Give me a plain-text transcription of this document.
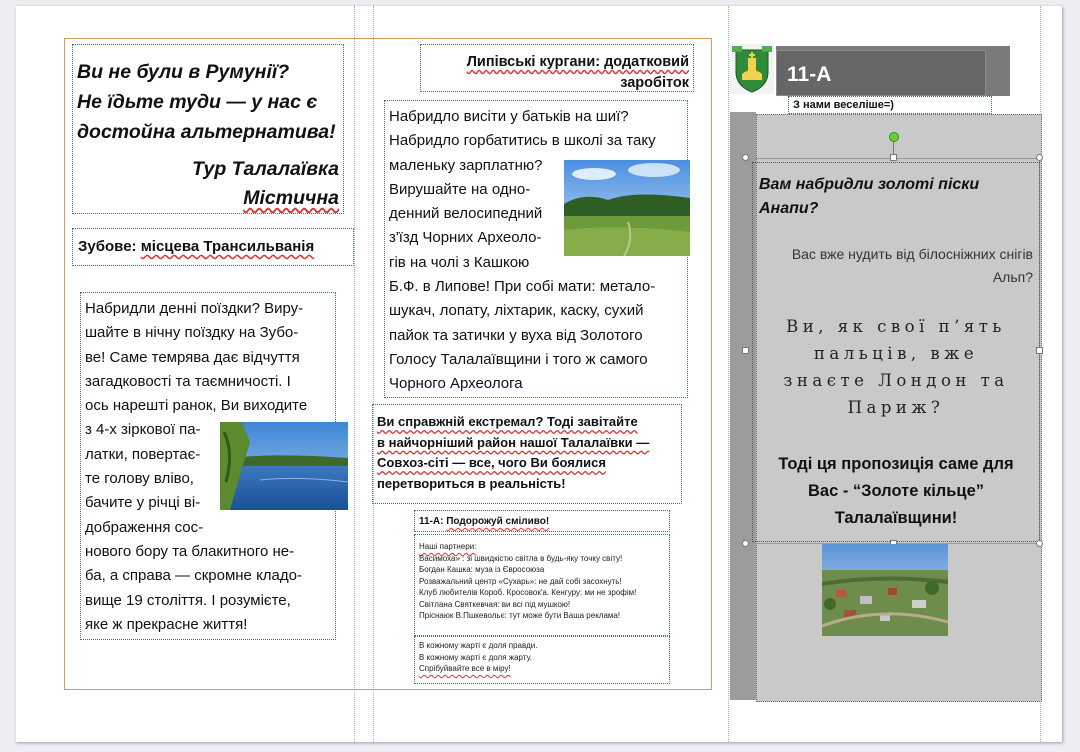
Ви не були в Румунії?
Не їдьте туди — у нас є
достойна альтернатива!
Тур Талалаївка
Містична
Зубове: місцева Трансильванія
Набридли денні поїздки? Виру-
шайте в нічну поїздку на Зубо-
ве! Саме темрява дає відчуття
загадковості та таємничості. І
ось нарешті ранок, Ви виходите
з 4-х зіркової па-
латки, повертає-
те голову вліво,
бачите у річці ві-
дображення сос-
нового бору та блакитного не-
ба, а справа — скромне кладо-
вище 19 століття. І розумієте,
яке ж прекрасне життя!
Липівські кургани: додатковий
заробіток
Набридло висіти у батьків на шиї?
Набридло горбатитись в школі за таку
маленьку зарплатню?
Вирушайте на одно-
денний велосипедний
з'їзд Чорних Археоло-
гів на чолі з Кашкою
Б.Ф. в Липове! При собі мати: метало-
шукач, лопату, ліхтарик, каску, сухий
пайок та затички у вуха від Золотого
Голосу Талалаївщини і того ж самого
Чорного Археолога
Ви справжній екстремал? Тоді завітайте
в найчорніший район нашої Талалаївки —
Совхоз-сіті — все, чого Ви боялися
перетвориться в реальність!
11-А: Подорожуй сміливо!
Наші партнери:
Васимоха» : зі швидкістю світла в будь-яку точку світу!
Богдан Кашка: муза із Євросоюза
Розважальний центр «Сухарь»: не дай собі засохнуть!
Клуб любителів Короб. Кросовок'а. Кенгуру: ми не зрофім!
Світлана Святкевчая: ви всі під мушкою!
Пріснаюк В.Пшкевольє: тут може бути Ваша реклама!
В кожному жарті є доля правди.
В кожному жарті є доля жарту.
Спрібуйвайте все в міру!
11-A
З нами веселіше=)
Вам набридли золоті піски
Анапи?
Вас вже нудить від білосніжних снігів
Альп?
Ви, як свої п’ять
пальців, вже
знаєте Лондон та
Париж?
Тоді ця пропозиція саме для
Вас - “Золоте кільце”
Талалаївщини!
